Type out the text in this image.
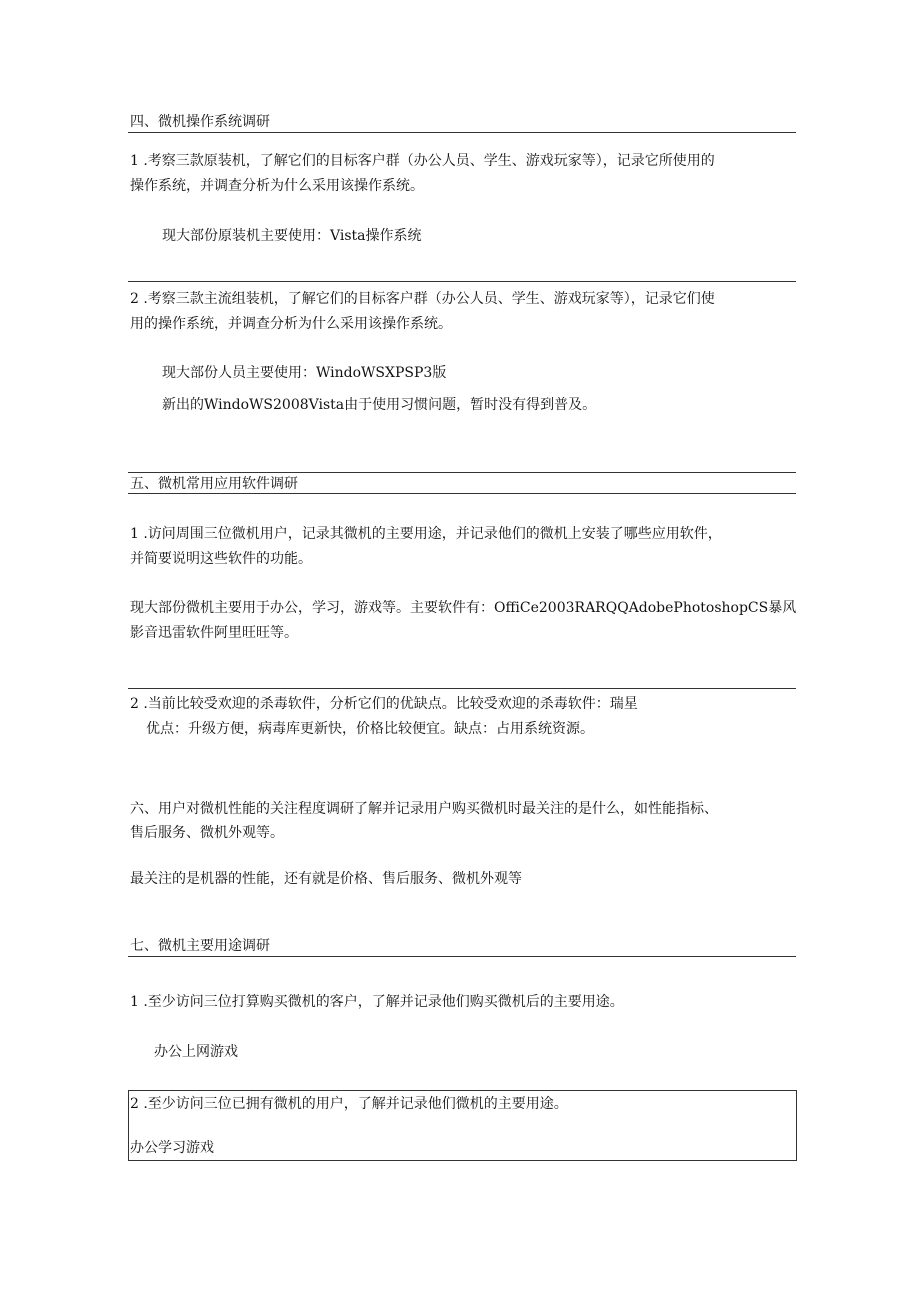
四、微机操作系统调研
1 .考察三款原装机，了解它们的目标客户群（办公人员、学生、游戏玩家等），记录它所使用的
操作系统，并调查分析为什么采用该操作系统。
现大部份原装机主要使用：Vista操作系统
2 .考察三款主流组装机，了解它们的目标客户群（办公人员、学生、游戏玩家等），记录它们使
用的操作系统，并调查分析为什么采用该操作系统。
现大部份人员主要使用：WindoWSXPSP3版
新出的WindoWS2008Vista由于使用习惯问题，暂时没有得到普及。
五、微机常用应用软件调研
1 .访问周围三位微机用户，记录其微机的主要用途，并记录他们的微机上安装了哪些应用软件，
并简要说明这些软件的功能。
现大部份微机主要用于办公，学习，游戏等。主要软件有：OffiCe2003RARQQAdobePhotoshopCS暴风
影音迅雷软件阿里旺旺等。
2 .当前比较受欢迎的杀毒软件，分析它们的优缺点。比较受欢迎的杀毒软件：瑞星
优点：升级方便，病毒库更新快，价格比较便宜。缺点：占用系统资源。
六、用户对微机性能的关注程度调研了解并记录用户购买微机时最关注的是什么，如性能指标、
售后服务、微机外观等。
最关注的是机器的性能，还有就是价格、售后服务、微机外观等
七、微机主要用途调研
1 .至少访问三位打算购买微机的客户，了解并记录他们购买微机后的主要用途。
办公上网游戏
2 .至少访问三位已拥有微机的用户，了解并记录他们微机的主要用途。
办公学习游戏
